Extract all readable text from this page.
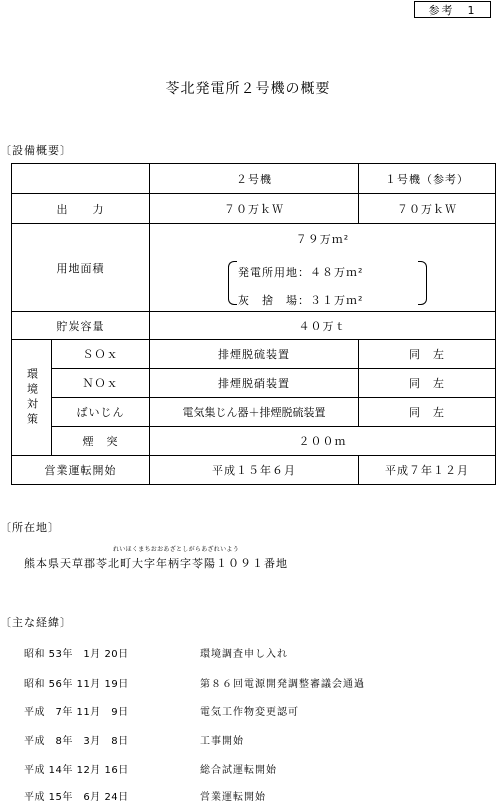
参考　1
苓北発電所２号機の概要
〔設備概要〕
		２号機	１号機（参考）
出　　力		７０万ｋＷ	７０万ｋＷ
用地面積		７９万ｍ²
発電所用地：４８万ｍ²
灰　捨　場：３１万ｍ²	

貯炭容量		４０万ｔ	

環境対策	ＳＯｘ	排煙脱硫装置	同　左
	ＮＯｘ	排煙脱硝装置	同　左
	ばいじん	電気集じん器＋排煙脱硫装置	同　左
	煙　突	２００ｍ	
営業運転開始		平成１５年６月	平成７年１２月
〔所在地〕
れいほくまちおおあざとしがらあざれいよう
熊本県天草郡苓北町大字年柄字苓陽１０９１番地
〔主な経緯〕
昭和 53年　1月 20日	環境調査申し入れ
昭和 56年 11月 19日	第８６回電源開発調整審議会通過
平成　7年 11月　9日	電気工作物変更認可
平成　8年　3月　8日	工事開始
平成 14年 12月 16日	総合試運転開始
平成 15年　6月 24日	営業運転開始
